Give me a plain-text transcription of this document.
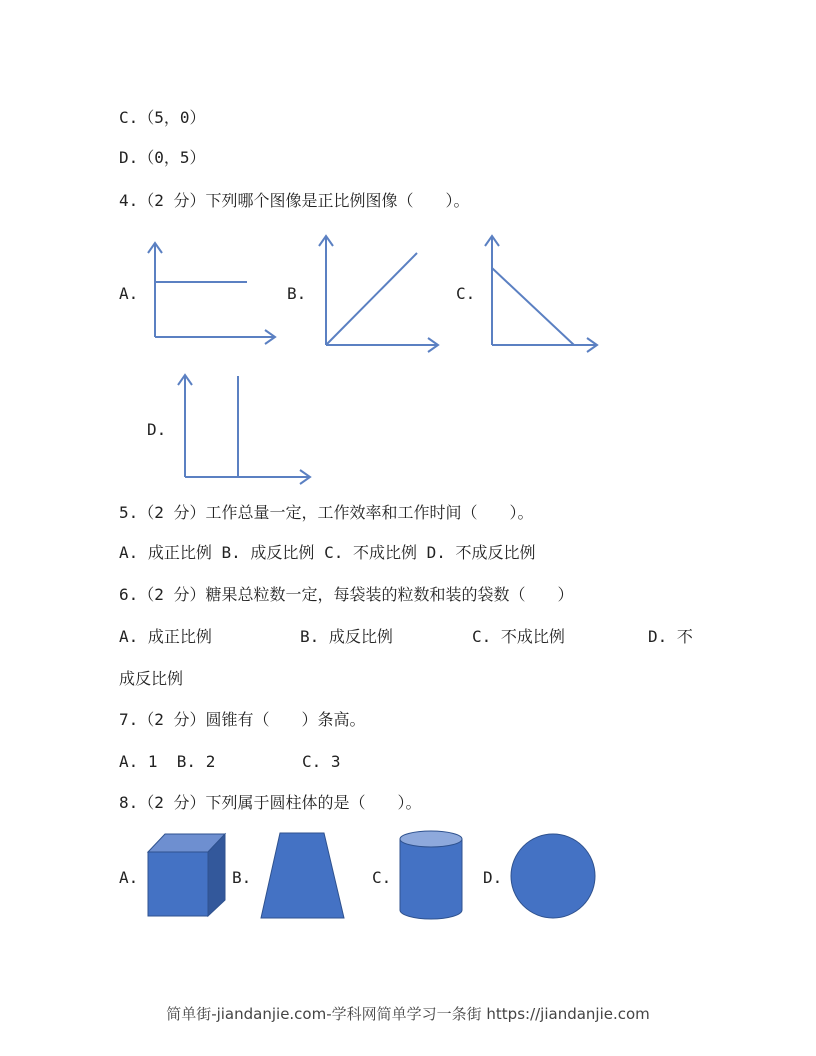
C.（5，0）
D.（0，5）
4.（2 分）下列哪个图像是正比例图像（　　）。
A.	B.	C.
D.
5.（2 分）工作总量一定，工作效率和工作时间（　　）。
A. 成正比例 B. 成反比例 C. 不成比例 D. 不成反比例
6.（2 分）糖果总粒数一定，每袋装的粒数和装的袋数（　　）
A. 成正比例	B. 成反比例	C. 不成比例	D. 不
成反比例
7.（2 分）圆锥有（　　）条高。
A. 1  B. 2         C. 3
8.（2 分）下列属于圆柱体的是（　　）。
A.	B.	C.	D.
简单街-jiandanjie.com-学科网简单学习一条街 https://jiandanjie.com
